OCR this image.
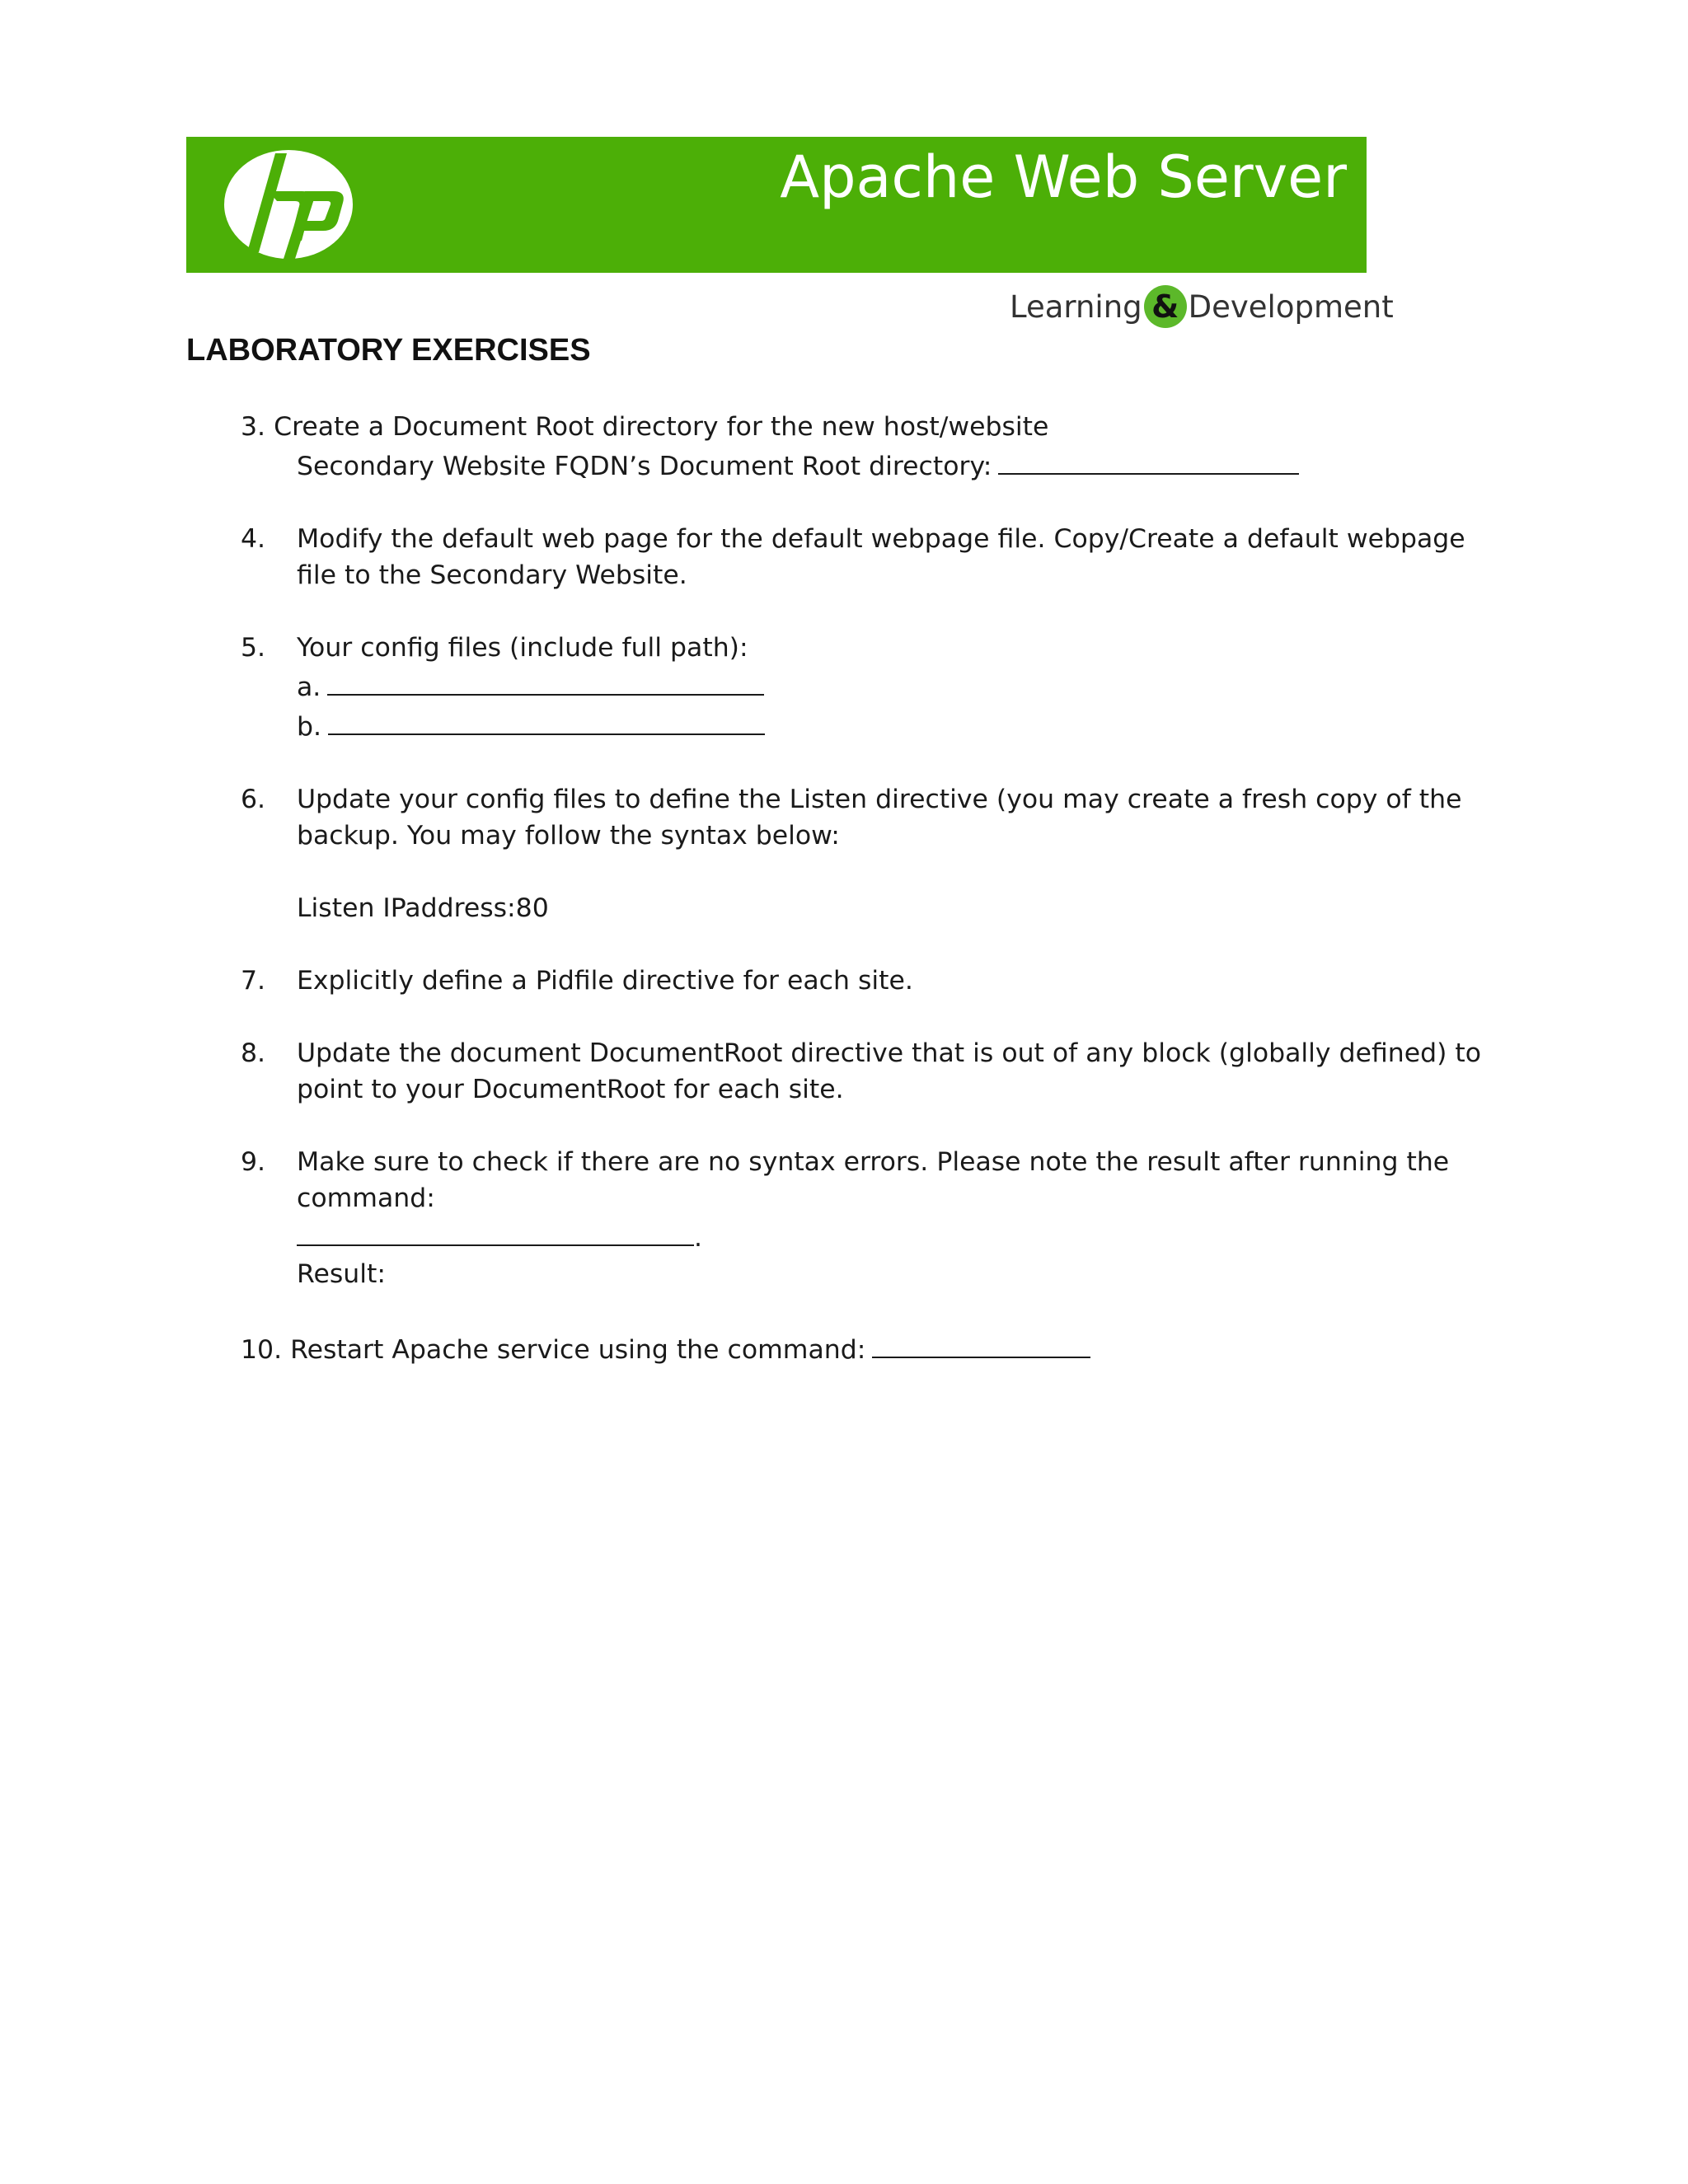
Apache Web Server
Learning & Development
LABORATORY EXERCISES
3. Create a Document Root directory for the new host/website
Secondary Website FQDN’s Document Root directory:
4.	Modify the default web page for the default webpage file. Copy/Create a default webpage file to the Secondary Website.
5. Your config files (include full path):
a.
b.
6. Update your config files to define the Listen directive (you may create a fresh copy of the backup. You may follow the syntax below:
Listen IPaddress:80
7.	Explicitly define a Pidfile directive for each site.
8.	Update the document DocumentRoot directive that is out of any block (globally defined) to point to your DocumentRoot for each site.
9. Make sure to check if there are no syntax errors. Please note the result after running the command:
.
Result:
10. Restart Apache service using the command:
